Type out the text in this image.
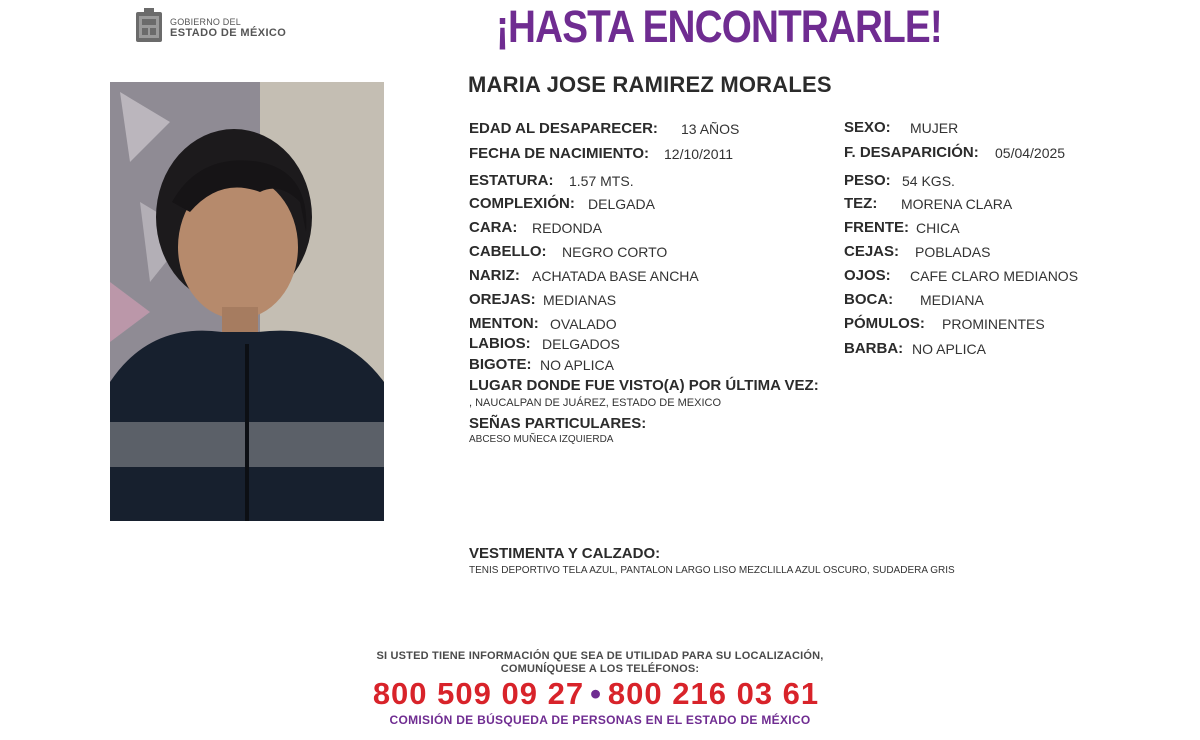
GOBIERNO DEL
ESTADO DE MÉXICO	¡HASTA ENCONTRARLE!
MARIA JOSE RAMIREZ MORALES
EDAD AL DESAPARECER: 13 AÑOS
FECHA DE NACIMIENTO: 12/10/2011
ESTATURA: 1.57 MTS.
COMPLEXIÓN: DELGADA
CARA: REDONDA
CABELLO: NEGRO CORTO
NARIZ: ACHATADA BASE ANCHA
OREJAS: MEDIANAS
MENTON: OVALADO
LABIOS: DELGADOS
BIGOTE: NO APLICA
SEXO: MUJER
F. DESAPARICIÓN: 05/04/2025
PESO: 54 KGS.
TEZ: MORENA CLARA
FRENTE: CHICA
CEJAS: POBLADAS
OJOS: CAFE CLARO MEDIANOS
BOCA: MEDIANA
PÓMULOS: PROMINENTES
BARBA: NO APLICA
LUGAR DONDE FUE VISTO(A) POR ÚLTIMA VEZ:
, NAUCALPAN DE JUÁREZ, ESTADO DE MEXICO
SEÑAS PARTICULARES:
ABCESO MUÑECA IZQUIERDA
VESTIMENTA Y CALZADO:
TENIS DEPORTIVO TELA AZUL, PANTALON LARGO LISO MEZCLILLA AZUL OSCURO, SUDADERA GRIS
SI USTED TIENE INFORMACIÓN QUE SEA DE UTILIDAD PARA SU LOCALIZACIÓN,
COMUNÍQUESE A LOS TELÉFONOS:
800 509 09 27 • 800 216 03 61
COMISIÓN DE BÚSQUEDA DE PERSONAS EN EL ESTADO DE MÉXICO
